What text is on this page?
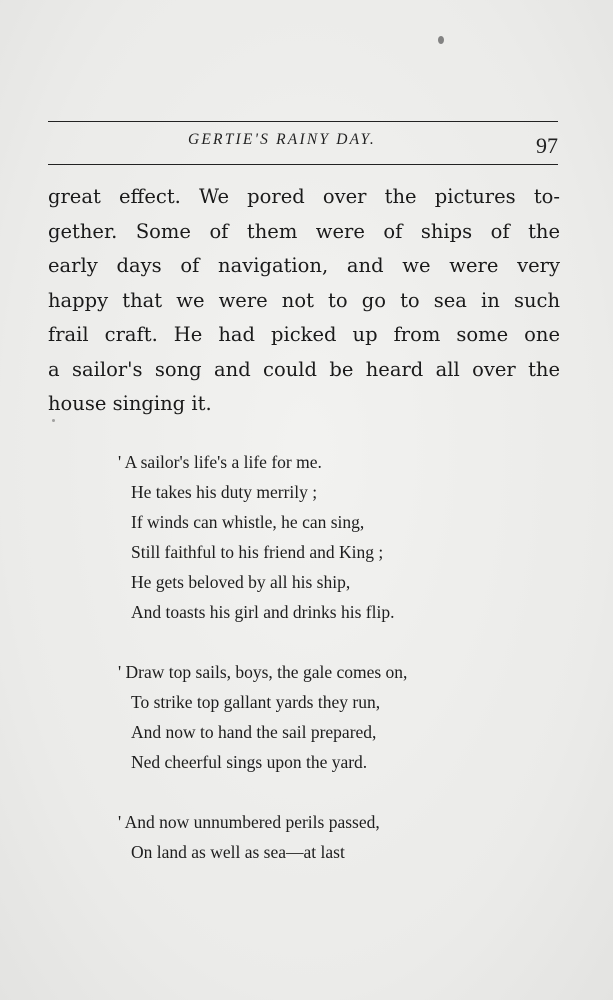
GERTIE'S RAINY DAY.	97
great effect. We pored over the pictures to-
gether. Some of them were of ships of the
early days of navigation, and we were very
happy that we were not to go to sea in such
frail craft. He had picked up from some one
a sailor's song and could be heard all over the
house singing it.
' A sailor's life's a life for me.
He takes his duty merrily ;
If winds can whistle, he can sing,
Still faithful to his friend and King ;
He gets beloved by all his ship,
And toasts his girl and drinks his flip.
' Draw top sails, boys, the gale comes on,
To strike top gallant yards they run,
And now to hand the sail prepared,
Ned cheerful sings upon the yard.
' And now unnumbered perils passed,
On land as well as sea—at last
